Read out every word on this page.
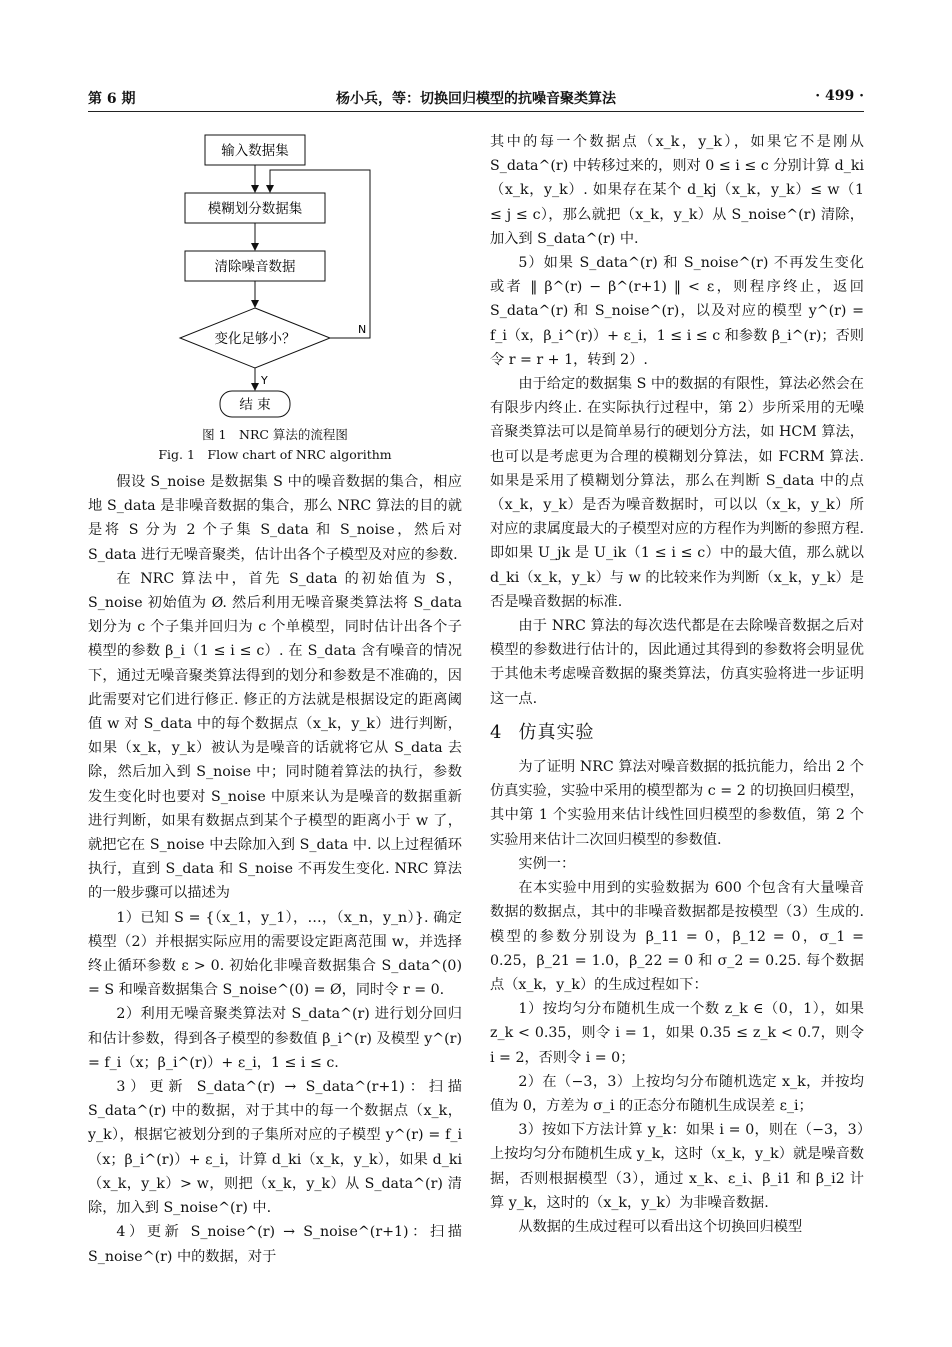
第 6 期	杨小兵，等：切换回归模型的抗噪音聚类算法	· 499 ·
输入数据集
模糊划分数据集
清除噪音数据
变化足够小？
N
Y
结 束
图 1　NRC 算法的流程图
Fig. 1　Flow chart of NRC algorithm

假设 S_noise 是数据集 S 中的噪音数据的集合，相应地 S_data 是非噪音数据的集合，那么 NRC 算法的目的就是将 S 分为 2 个子集 S_data 和 S_noise，然后对 S_data 进行无噪音聚类，估计出各个子模型及对应的参数.

在 NRC 算法中，首先 S_data 的初始值为 S，S_noise 初始值为 Ø. 然后利用无噪音聚类算法将 S_data 划分为 c 个子集并回归为 c 个单模型，同时估计出各个子模型的参数 β_i（1 ≤ i ≤ c）. 在 S_data 含有噪音的情况下，通过无噪音聚类算法得到的划分和参数是不准确的，因此需要对它们进行修正. 修正的方法就是根据设定的距离阈值 w 对 S_data 中的每个数据点（x_k，y_k）进行判断，如果（x_k，y_k）被认为是噪音的话就将它从 S_data 去除，然后加入到 S_noise 中；同时随着算法的执行，参数发生变化时也要对 S_noise 中原来认为是噪音的数据重新进行判断，如果有数据点到某个子模型的距离小于 w 了，就把它在 S_noise 中去除加入到 S_data 中. 以上过程循环执行，直到 S_data 和 S_noise 不再发生变化. NRC 算法的一般步骤可以描述为

1）已知 S = {（x_1，y_1），…，（x_n，y_n）}. 确定模型（2）并根据实际应用的需要设定距离范围 w，并选择终止循环参数 ε > 0. 初始化非噪音数据集合 S_data^(0) = S 和噪音数据集合 S_noise^(0) = Ø，同时令 r = 0.

2）利用无噪音聚类算法对 S_data^(r) 进行划分回归和估计参数，得到各子模型的参数值 β_i^(r) 及模型 y^(r) = f_i（x；β_i^(r)）+ ε_i，1 ≤ i ≤ c.

3）更新 S_data^(r) → S_data^(r+1)：扫描 S_data^(r) 中的数据，对于其中的每一个数据点（x_k，y_k），根据它被划分到的子集所对应的子模型 y^(r) = f_i（x；β_i^(r)）+ ε_i，计算 d_ki（x_k，y_k），如果 d_ki（x_k，y_k）> w，则把（x_k，y_k）从 S_data^(r) 清除，加入到 S_noise^(r) 中.

4）更新 S_noise^(r) → S_noise^(r+1)：扫描 S_noise^(r) 中的数据，对于

其中的每一个数据点（x_k，y_k），如果它不是刚从 S_data^(r) 中转移过来的，则对 0 ≤ i ≤ c 分别计算 d_ki（x_k，y_k）. 如果存在某个 d_kj（x_k，y_k）≤ w（1 ≤ j ≤ c），那么就把（x_k，y_k）从 S_noise^(r) 清除，加入到 S_data^(r) 中.

5）如果 S_data^(r) 和 S_noise^(r) 不再发生变化或者 ‖ β^(r) − β^(r+1) ‖ < ε，则程序终止，返回 S_data^(r) 和 S_noise^(r)，以及对应的模型 y^(r) = f_i（x，β_i^(r)）+ ε_i，1 ≤ i ≤ c 和参数 β_i^(r)；否则令 r = r + 1，转到 2）.

由于给定的数据集 S 中的数据的有限性，算法必然会在有限步内终止. 在实际执行过程中，第 2）步所采用的无噪音聚类算法可以是简单易行的硬划分方法，如 HCM 算法，也可以是考虑更为合理的模糊划分算法，如 FCRM 算法. 如果是采用了模糊划分算法，那么在判断 S_data 中的点（x_k，y_k）是否为噪音数据时，可以以（x_k，y_k）所对应的隶属度最大的子模型对应的方程作为判断的参照方程. 即如果 U_jk 是 U_ik（1 ≤ i ≤ c）中的最大值，那么就以 d_ki（x_k，y_k）与 w 的比较来作为判断（x_k，y_k）是否是噪音数据的标准.

由于 NRC 算法的每次迭代都是在去除噪音数据之后对模型的参数进行估计的，因此通过其得到的参数将会明显优于其他未考虑噪音数据的聚类算法，仿真实验将进一步证明这一点.

4 仿真实验

为了证明 NRC 算法对噪音数据的抵抗能力，给出 2 个仿真实验，实验中采用的模型都为 c = 2 的切换回归模型，其中第 1 个实验用来估计线性回归模型的参数值，第 2 个实验用来估计二次回归模型的参数值.

实例一：

在本实验中用到的实验数据为 600 个包含有大量噪音数据的数据点，其中的非噪音数据都是按模型（3）生成的. 模型的参数分别设为 β_11 = 0，β_12 = 0，σ_1 = 0.25，β_21 = 1.0，β_22 = 0 和 σ_2 = 0.25. 每个数据点（x_k，y_k）的生成过程如下：

1）按均匀分布随机生成一个数 z_k ∈（0，1），如果 z_k < 0.35，则令 i = 1，如果 0.35 ≤ z_k < 0.7，则令 i = 2，否则令 i = 0；

2）在（−3，3）上按均匀分布随机选定 x_k，并按均值为 0，方差为 σ_i 的正态分布随机生成误差 ε_i；

3）按如下方法计算 y_k：如果 i = 0，则在（−3，3）上按均匀分布随机生成 y_k，这时（x_k，y_k）就是噪音数据，否则根据模型（3），通过 x_k、ε_i、β_i1 和 β_i2 计算 y_k，这时的（x_k，y_k）为非噪音数据.

从数据的生成过程可以看出这个切换回归模型
